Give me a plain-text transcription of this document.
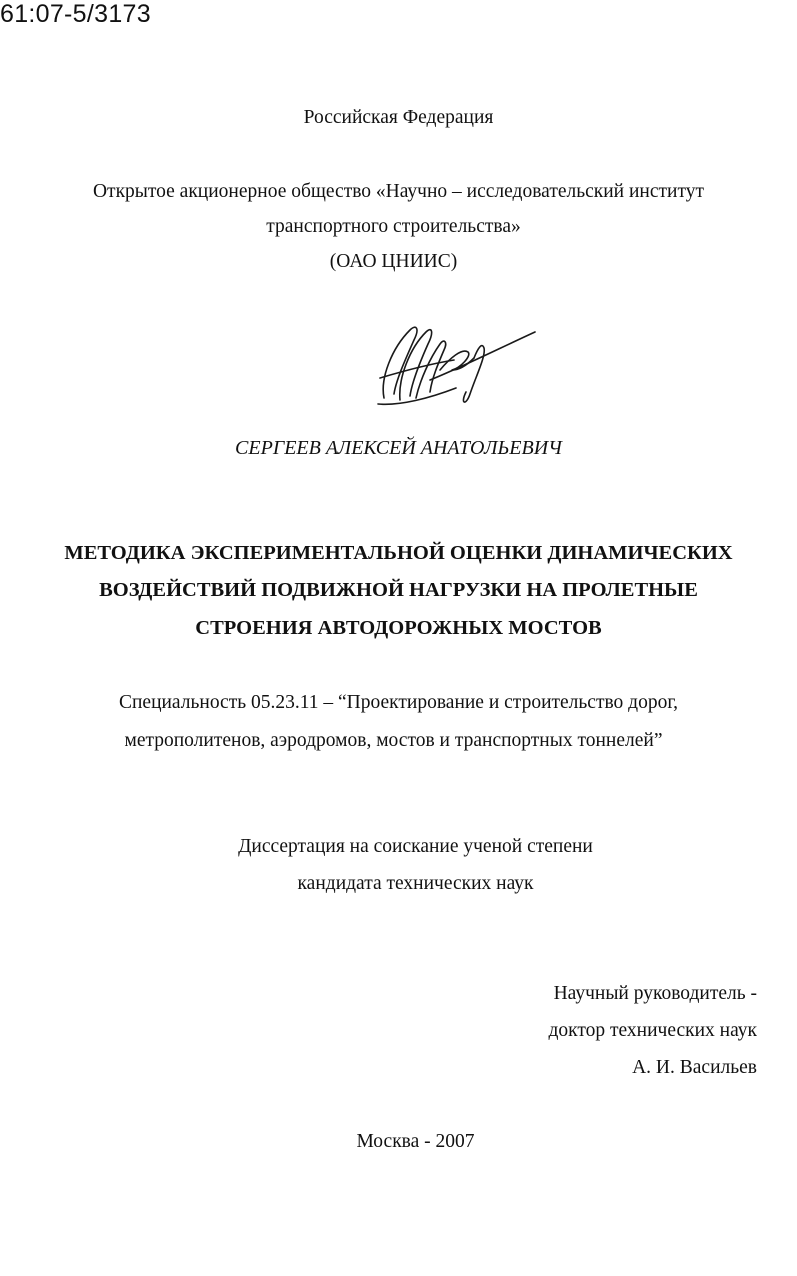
61:07-5/3173
Российская Федерация
Открытое акционерное общество «Научно – исследовательский институт
транспортного строительства»
(ОАО ЦНИИС)
СЕРГЕЕВ АЛЕКСЕЙ АНАТОЛЬЕВИЧ
МЕТОДИКА ЭКСПЕРИМЕНТАЛЬНОЙ ОЦЕНКИ ДИНАМИЧЕСКИХ
ВОЗДЕЙСТВИЙ ПОДВИЖНОЙ НАГРУЗКИ НА ПРОЛЕТНЫЕ
СТРОЕНИЯ АВТОДОРОЖНЫХ МОСТОВ
Специальность 05.23.11 – “Проектирование и строительство дорог,
метрополитенов, аэродромов, мостов и транспортных тоннелей”
Диссертация на соискание ученой степени
кандидата технических наук
Научный руководитель -
доктор технических наук
А. И. Васильев
Москва - 2007
